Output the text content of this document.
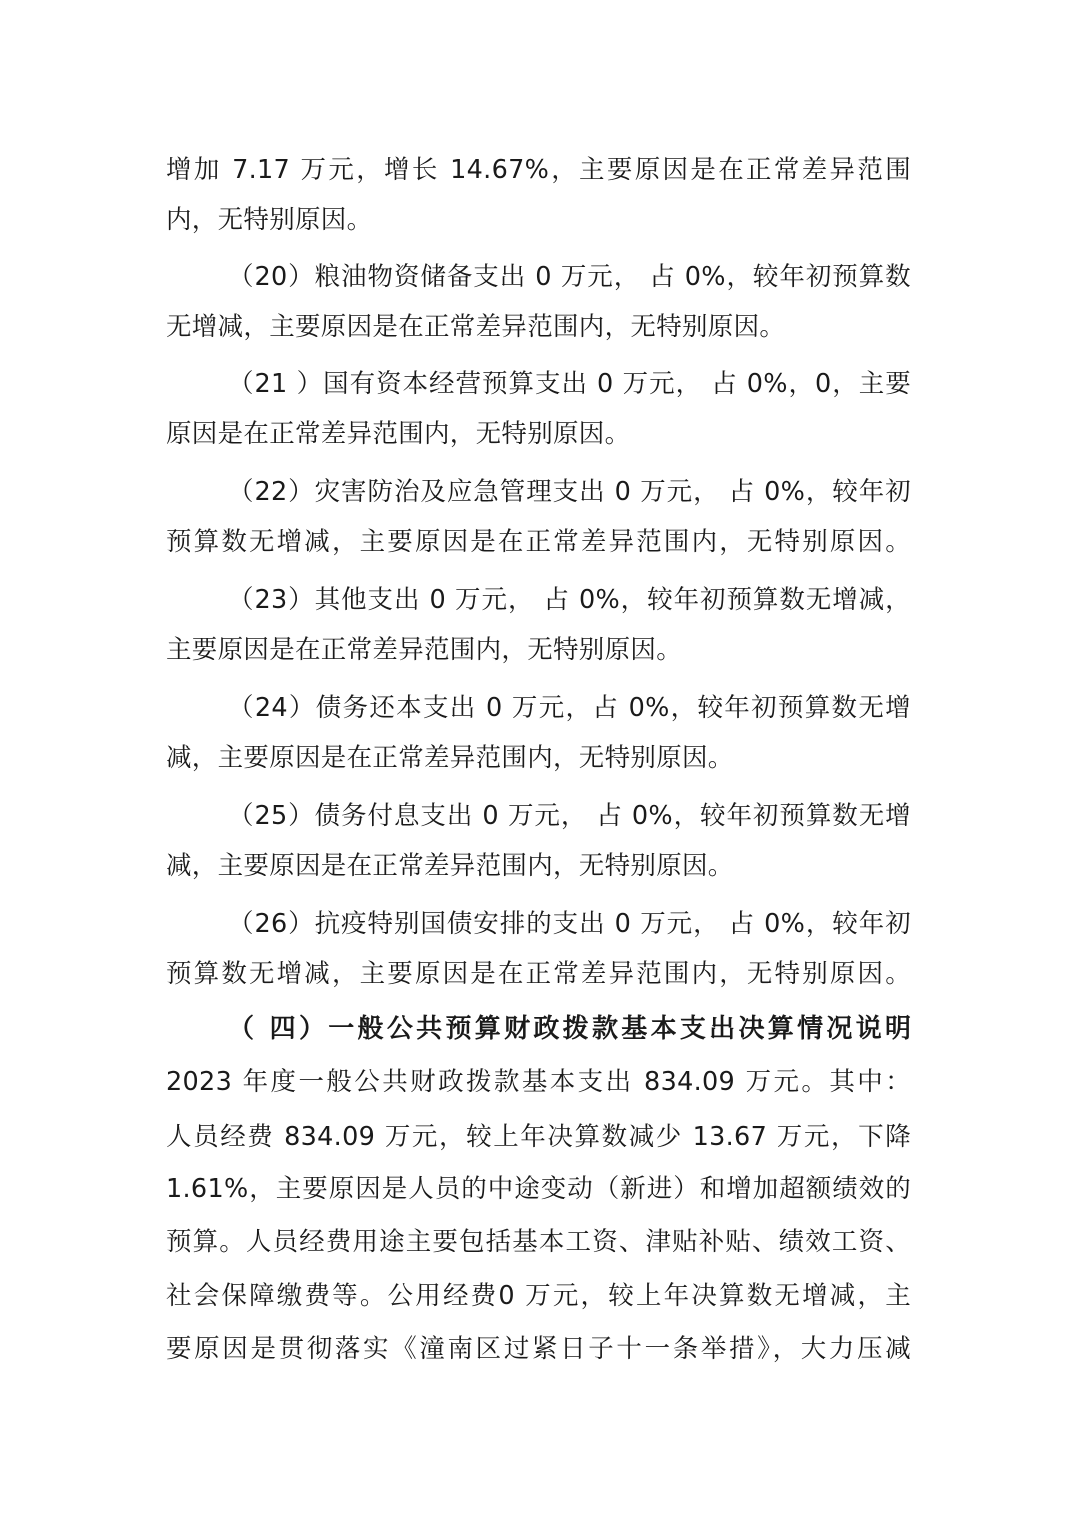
增加 7.17 万元，增长 14.67%，主要原因是在正常差异范围
内，无特别原因。
（20）粮油物资储备支出 0 万元， 占 0%，较年初预算数
无增减，主要原因是在正常差异范围内，无特别原因。
（21 ）国有资本经营预算支出 0 万元， 占 0%，0，主要
原因是在正常差异范围内，无特别原因。
（22）灾害防治及应急管理支出 0 万元， 占 0%，较年初
预算数无增减，主要原因是在正常差异范围内，无特别原因。
（23）其他支出 0 万元， 占 0%，较年初预算数无增减，
主要原因是在正常差异范围内，无特别原因。
（24）债务还本支出 0 万元，占 0%，较年初预算数无增
减，主要原因是在正常差异范围内，无特别原因。
（25）债务付息支出 0 万元， 占 0%，较年初预算数无增
减，主要原因是在正常差异范围内，无特别原因。
（26）抗疫特别国债安排的支出 0 万元， 占 0%，较年初
预算数无增减，主要原因是在正常差异范围内，无特别原因。
（ 四）一般公共预算财政拨款基本支出决算情况说明
2023 年度一般公共财政拨款基本支出 834.09 万元。其中：
人员经费 834.09 万元，较上年决算数减少 13.67 万元，下降
1.61%，主要原因是人员的中途变动（新进）和增加超额绩效的
预算。人员经费用途主要包括基本工资、津贴补贴、绩效工资、
社会保障缴费等。公用经费0 万元，较上年决算数无增减，主
要原因是贯彻落实《潼南区过紧日子十一条举措》，大力压减
